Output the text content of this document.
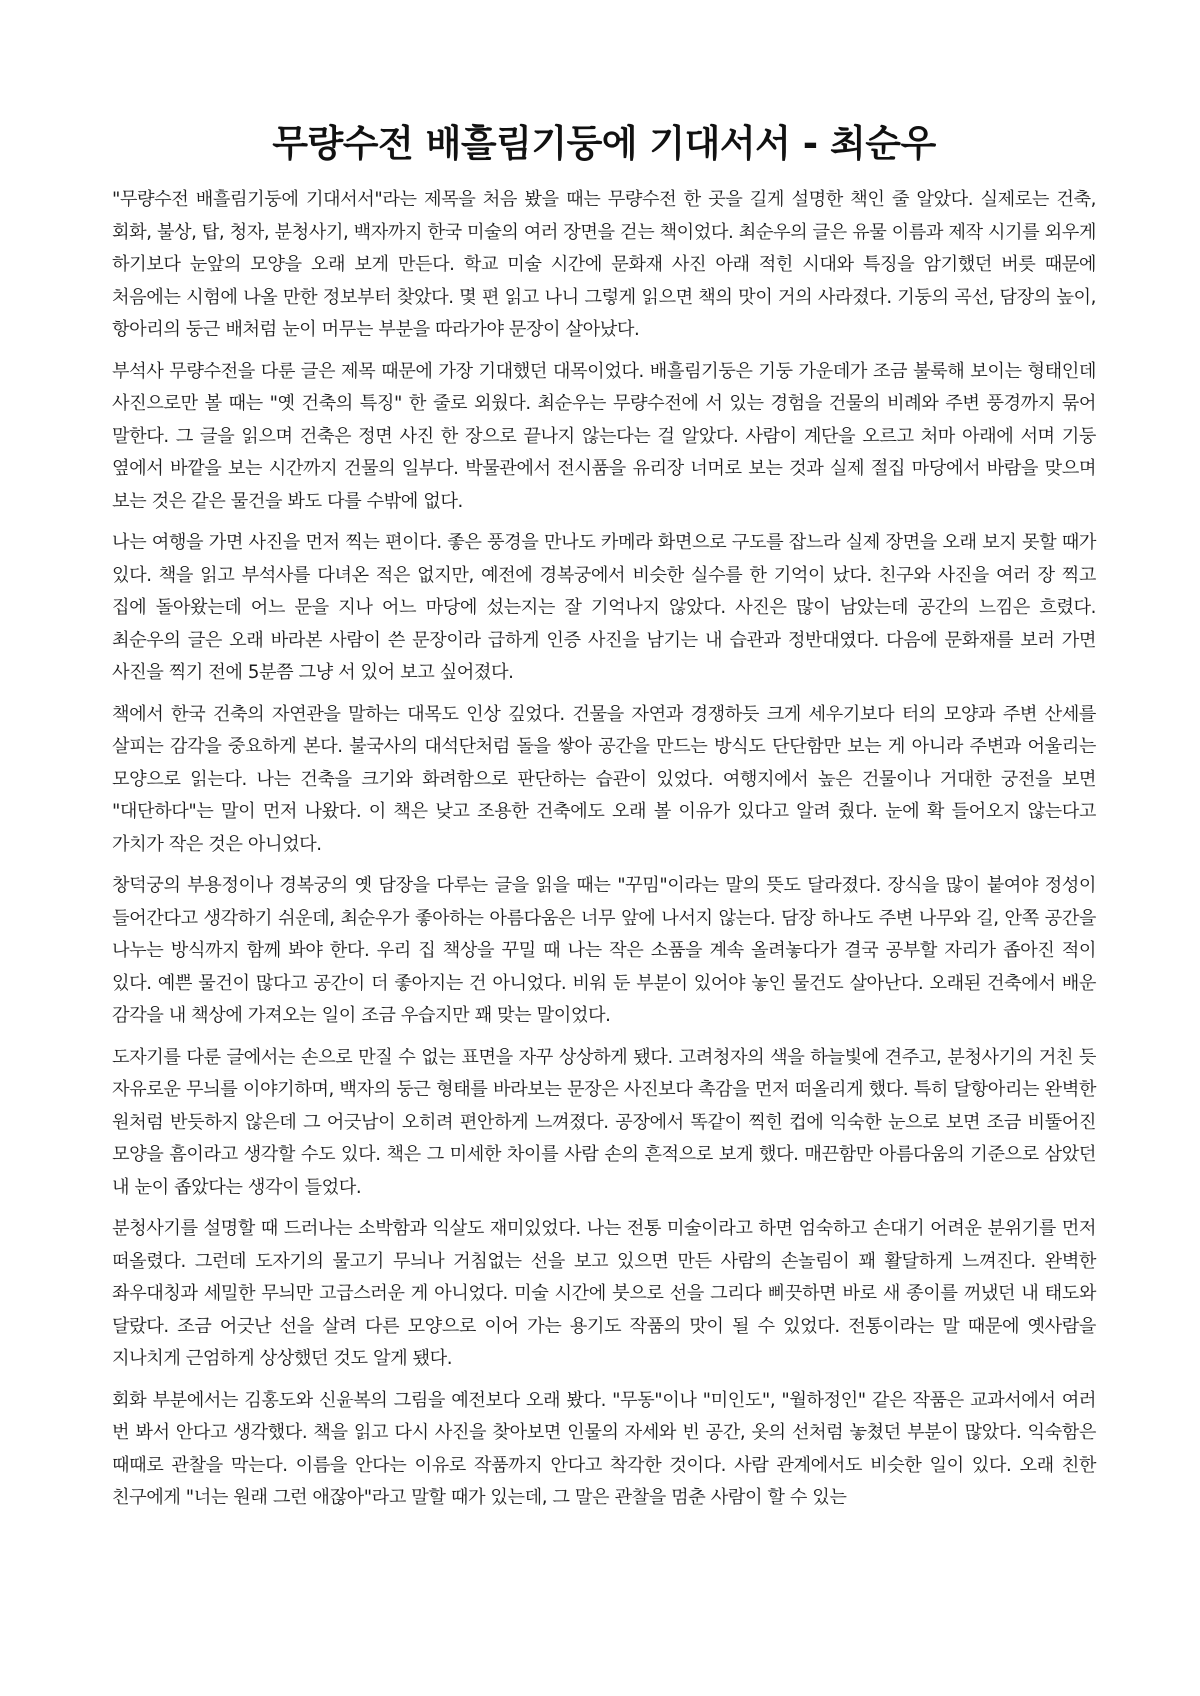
무량수전 배흘림기둥에 기대서서 - 최순우

"무량수전 배흘림기둥에 기대서서"라는 제목을 처음 봤을 때는 무량수전 한 곳을 길게 설명한 책인 줄 알았다. 실제로는 건축, 회화, 불상, 탑, 청자, 분청사기, 백자까지 한국 미술의 여러 장면을 걷는 책이었다. 최순우의 글은 유물 이름과 제작 시기를 외우게 하기보다 눈앞의 모양을 오래 보게 만든다. 학교 미술 시간에 문화재 사진 아래 적힌 시대와 특징을 암기했던 버릇 때문에 처음에는 시험에 나올 만한 정보부터 찾았다. 몇 편 읽고 나니 그렇게 읽으면 책의 맛이 거의 사라졌다. 기둥의 곡선, 담장의 높이, 항아리의 둥근 배처럼 눈이 머무는 부분을 따라가야 문장이 살아났다.

부석사 무량수전을 다룬 글은 제목 때문에 가장 기대했던 대목이었다. 배흘림기둥은 기둥 가운데가 조금 불룩해 보이는 형태인데 사진으로만 볼 때는 "옛 건축의 특징" 한 줄로 외웠다. 최순우는 무량수전에 서 있는 경험을 건물의 비례와 주변 풍경까지 묶어 말한다. 그 글을 읽으며 건축은 정면 사진 한 장으로 끝나지 않는다는 걸 알았다. 사람이 계단을 오르고 처마 아래에 서며 기둥 옆에서 바깥을 보는 시간까지 건물의 일부다. 박물관에서 전시품을 유리장 너머로 보는 것과 실제 절집 마당에서 바람을 맞으며 보는 것은 같은 물건을 봐도 다를 수밖에 없다.

나는 여행을 가면 사진을 먼저 찍는 편이다. 좋은 풍경을 만나도 카메라 화면으로 구도를 잡느라 실제 장면을 오래 보지 못할 때가 있다. 책을 읽고 부석사를 다녀온 적은 없지만, 예전에 경복궁에서 비슷한 실수를 한 기억이 났다. 친구와 사진을 여러 장 찍고 집에 돌아왔는데 어느 문을 지나 어느 마당에 섰는지는 잘 기억나지 않았다. 사진은 많이 남았는데 공간의 느낌은 흐렸다. 최순우의 글은 오래 바라본 사람이 쓴 문장이라 급하게 인증 사진을 남기는 내 습관과 정반대였다. 다음에 문화재를 보러 가면 사진을 찍기 전에 5분쯤 그냥 서 있어 보고 싶어졌다.

책에서 한국 건축의 자연관을 말하는 대목도 인상 깊었다. 건물을 자연과 경쟁하듯 크게 세우기보다 터의 모양과 주변 산세를 살피는 감각을 중요하게 본다. 불국사의 대석단처럼 돌을 쌓아 공간을 만드는 방식도 단단함만 보는 게 아니라 주변과 어울리는 모양으로 읽는다. 나는 건축을 크기와 화려함으로 판단하는 습관이 있었다. 여행지에서 높은 건물이나 거대한 궁전을 보면 "대단하다"는 말이 먼저 나왔다. 이 책은 낮고 조용한 건축에도 오래 볼 이유가 있다고 알려 줬다. 눈에 확 들어오지 않는다고 가치가 작은 것은 아니었다.

창덕궁의 부용정이나 경복궁의 옛 담장을 다루는 글을 읽을 때는 "꾸밈"이라는 말의 뜻도 달라졌다. 장식을 많이 붙여야 정성이 들어간다고 생각하기 쉬운데, 최순우가 좋아하는 아름다움은 너무 앞에 나서지 않는다. 담장 하나도 주변 나무와 길, 안쪽 공간을 나누는 방식까지 함께 봐야 한다. 우리 집 책상을 꾸밀 때 나는 작은 소품을 계속 올려놓다가 결국 공부할 자리가 좁아진 적이 있다. 예쁜 물건이 많다고 공간이 더 좋아지는 건 아니었다. 비워 둔 부분이 있어야 놓인 물건도 살아난다. 오래된 건축에서 배운 감각을 내 책상에 가져오는 일이 조금 우습지만 꽤 맞는 말이었다.

도자기를 다룬 글에서는 손으로 만질 수 없는 표면을 자꾸 상상하게 됐다. 고려청자의 색을 하늘빛에 견주고, 분청사기의 거친 듯 자유로운 무늬를 이야기하며, 백자의 둥근 형태를 바라보는 문장은 사진보다 촉감을 먼저 떠올리게 했다. 특히 달항아리는 완벽한 원처럼 반듯하지 않은데 그 어긋남이 오히려 편안하게 느껴졌다. 공장에서 똑같이 찍힌 컵에 익숙한 눈으로 보면 조금 비뚤어진 모양을 흠이라고 생각할 수도 있다. 책은 그 미세한 차이를 사람 손의 흔적으로 보게 했다. 매끈함만 아름다움의 기준으로 삼았던 내 눈이 좁았다는 생각이 들었다.

분청사기를 설명할 때 드러나는 소박함과 익살도 재미있었다. 나는 전통 미술이라고 하면 엄숙하고 손대기 어려운 분위기를 먼저 떠올렸다. 그런데 도자기의 물고기 무늬나 거침없는 선을 보고 있으면 만든 사람의 손놀림이 꽤 활달하게 느껴진다. 완벽한 좌우대칭과 세밀한 무늬만 고급스러운 게 아니었다. 미술 시간에 붓으로 선을 그리다 삐끗하면 바로 새 종이를 꺼냈던 내 태도와 달랐다. 조금 어긋난 선을 살려 다른 모양으로 이어 가는 용기도 작품의 맛이 될 수 있었다. 전통이라는 말 때문에 옛사람을 지나치게 근엄하게 상상했던 것도 알게 됐다.

회화 부분에서는 김홍도와 신윤복의 그림을 예전보다 오래 봤다. "무동"이나 "미인도", "월하정인" 같은 작품은 교과서에서 여러 번 봐서 안다고 생각했다. 책을 읽고 다시 사진을 찾아보면 인물의 자세와 빈 공간, 옷의 선처럼 놓쳤던 부분이 많았다. 익숙함은 때때로 관찰을 막는다. 이름을 안다는 이유로 작품까지 안다고 착각한 것이다. 사람 관계에서도 비슷한 일이 있다. 오래 친한 친구에게 "너는 원래 그런 애잖아"라고 말할 때가 있는데, 그 말은 관찰을 멈춘 사람이 할 수 있는
